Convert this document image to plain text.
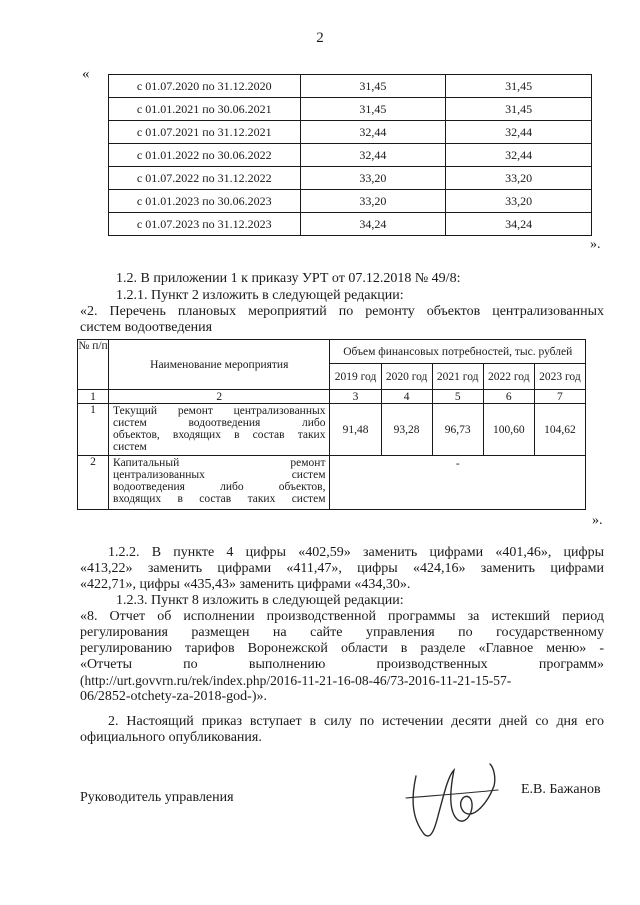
2
«
с 01.07.2020 по 31.12.2020	31,45	31,45
с 01.01.2021 по 30.06.2021	31,45	31,45
с 01.07.2021 по 31.12.2021	32,44	32,44
с 01.01.2022 по 30.06.2022	32,44	32,44
с 01.07.2022 по 31.12.2022	33,20	33,20
с 01.01.2023 по 30.06.2023	33,20	33,20
с 01.07.2023 по 31.12.2023	34,24	34,24
».
1.2. В приложении 1 к приказу УРТ от 07.12.2018 № 49/8:
1.2.1. Пункт 2 изложить в следующей редакции:
«2. Перечень плановых мероприятий по ремонту объектов централизованных
систем водоотведения
№ п/п	Наименование мероприятия	Объем финансовых потребностей, тыс. рублей				
		2019 год	2020 год	2021 год	2022 год	2023 год
1	2	3	4	5	6	7
1	Текущий ремонт централизованных
систем водоотведения либо
объектов, входящих в состав таких
систем	91,48	93,28	96,73	100,60	104,62
2	Капитальный ремонт
централизованных систем
водоотведения либо объектов,
входящих в состав таких систем	-				
».
1.2.2. В пункте 4 цифры «402,59» заменить цифрами «401,46», цифры
«413,22» заменить цифрами «411,47», цифры «424,16» заменить цифрами
«422,71», цифры «435,43» заменить цифрами «434,30».
1.2.3. Пункт 8 изложить в следующей редакции:
«8. Отчет об исполнении производственной программы за истекший период
регулирования размещен на сайте управления по государственному
регулированию тарифов Воронежской области в разделе «Главное меню» -
«Отчеты по выполнению производственных программ»
(http://urt.govvrn.ru/rek/index.php/2016-11-21-16-08-46/73-2016-11-21-15-57-
06/2852-otchety-za-2018-god-)».
2. Настоящий приказ вступает в силу по истечении десяти дней со дня его
официального опубликования.
Руководитель управления
Е.В. Бажанов
